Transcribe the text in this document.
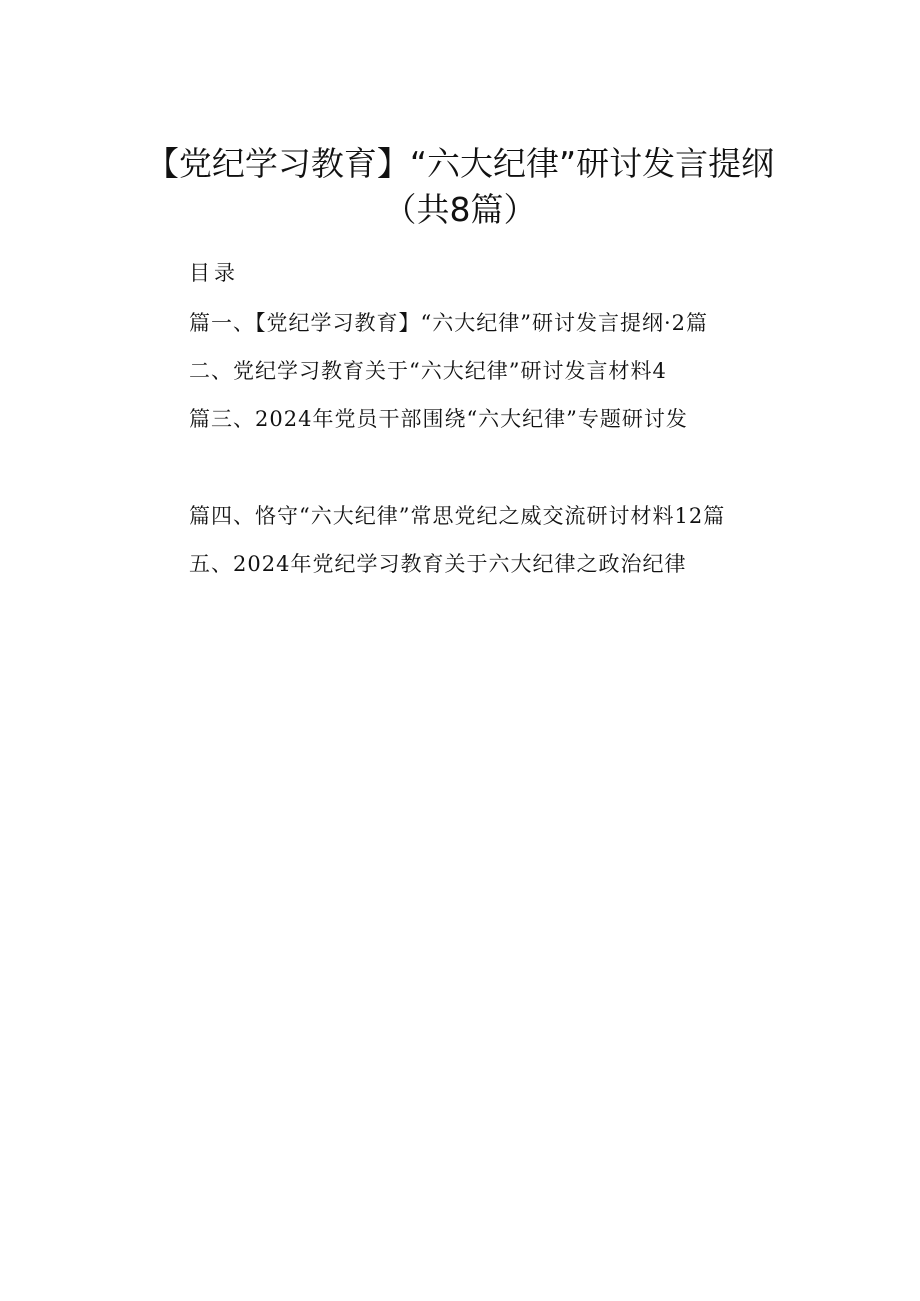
【党纪学习教育】“六大纪律”研讨发言提纲
（共8篇）
目录
篇一、【党纪学习教育】“六大纪律”研讨发言提纲·2篇
二、党纪学习教育关于“六大纪律”研讨发言材料4
篇三、2024年党员干部围绕“六大纪律”专题研讨发
篇四、恪守“六大纪律”常思党纪之威交流研讨材料12篇
五、2024年党纪学习教育关于六大纪律之政治纪律
